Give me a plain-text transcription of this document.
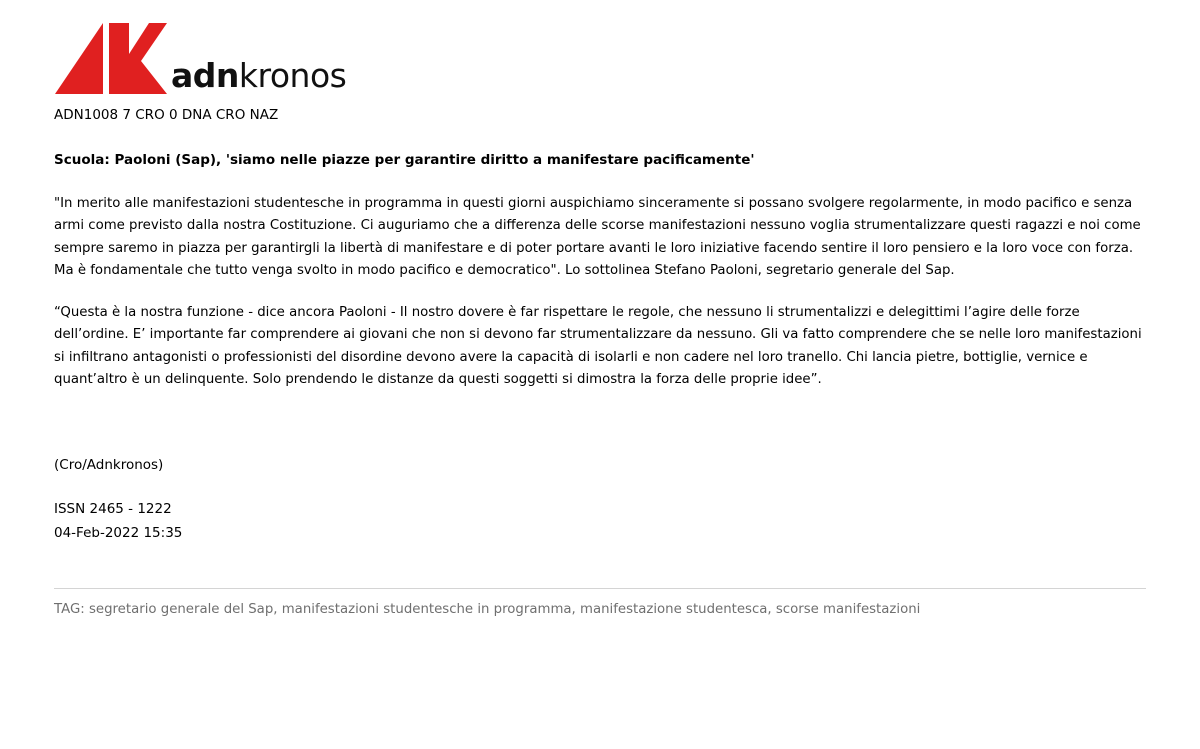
adnkronos
ADN1008 7 CRO 0 DNA CRO NAZ
Scuola: Paoloni (Sap), 'siamo nelle piazze per garantire diritto a manifestare pacificamente'

"In merito alle manifestazioni studentesche in programma in questi giorni auspichiamo sinceramente si possano svolgere regolarmente, in modo pacifico e senza armi come previsto dalla nostra Costituzione. Ci auguriamo che a differenza delle scorse manifestazioni nessuno voglia strumentalizzare questi ragazzi e noi come sempre saremo in piazza per garantirgli la libertà di manifestare e di poter portare avanti le loro iniziative facendo sentire il loro pensiero e la loro voce con forza. Ma è fondamentale che tutto venga svolto in modo pacifico e democratico". Lo sottolinea Stefano Paoloni, segretario generale del Sap.

“Questa è la nostra funzione - dice ancora Paoloni - Il nostro dovere è far rispettare le regole, che nessuno li strumentalizzi e delegittimi l’agire delle forze dell’ordine. E’ importante far comprendere ai giovani che non si devono far strumentalizzare da nessuno. Gli va fatto comprendere che se nelle loro manifestazioni si infiltrano antagonisti o professionisti del disordine devono avere la capacità di isolarli e non cadere nel loro tranello. Chi lancia pietre, bottiglie, vernice e quant’altro è un delinquente. Solo prendendo le distanze da questi soggetti si dimostra la forza delle proprie idee”.

(Cro/Adnkronos)
ISSN 2465 - 1222
04-Feb-2022 15:35
TAG: segretario generale del Sap, manifestazioni studentesche in programma, manifestazione studentesca, scorse manifestazioni
